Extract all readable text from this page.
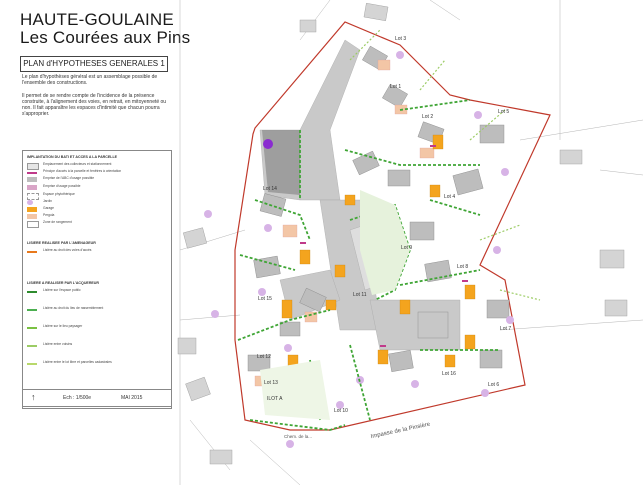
HAUTE-GOULAINE
Les Courées aux Pins
PLAN d'HYPOTHESES GENERALES 1
Le plan d'hypothèses général est un assemblage possible de l'ensemble des constructions.
Il permet de se rendre compte de l'incidence de la présence construite, à l'alignement des voies, en retrait, en mitoyenneté ou non. Il fait apparaître les espaces d'intimité que chacun pourra s'approprier.
IMPLANTATION DU BATI ET ACCES A LA PARCELLE
Emplacement des collecteurs et stationnement
Principe d'accès à la parcelle et fenêtres à orientation
Emprise de l'ABC d'usage possible
Emprise d'usage possible
Espace phytothérique
Jardin
Garage
Pergola
Zone de rangement
LISIERE REALISEE PAR L'AMENAGEUR
Lisière au droit des voies d'accès
LISIERE A REALISER PAR L'ACQUEREUR
Lisière sur l'espace public
Lisière au droit du lieu de rassemblement
Lisière sur le lieu paysager
Lisière entre voisins
Lisière entre le lot libre et parcelles cadastrales
↑	Ech : 1/500e	MAI 2015
Lot 1
Lot 2
Lot 3
Lot 4
Lot 5
Lot 6
Lot 7
Lot 8
Lot 9
Lot 10
Lot 11
Lot 12
Lot 13
Lot 14
Lot 15
Lot 16
ILOT A
Impasse de la Pinsière
Chem. de la...
